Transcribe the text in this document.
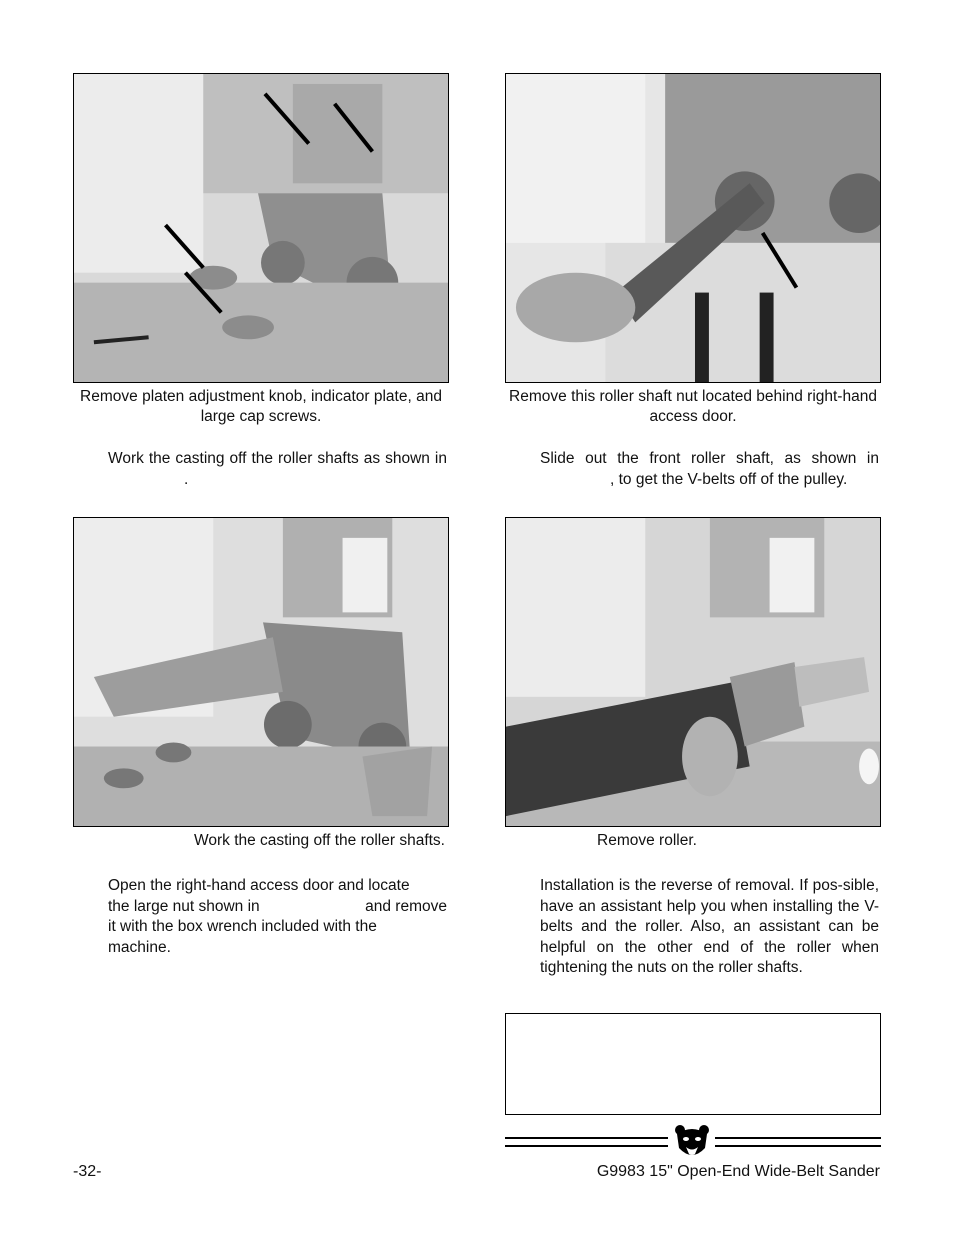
Remove platen adjustment knob, indicator plate, and large cap screws.
Remove this roller shaft nut located behind right-hand access door.
Work the casting off the roller shafts as shown in .
Slide out the front roller shaft, as shown in , to get the V-belts off of the pulley.
Work the casting off the roller shafts.	Remove roller.
Open the right-hand access door and locate
the large nut shown in	and remove
it with the box wrench included with the
machine.
Installation is the reverse of removal. If pos-sible, have an assistant help you when installing the V-belts and the roller. Also, an assistant can be helpful on the other end of the roller when tightening the nuts on the roller shafts.
-32-	G9983 15" Open-End Wide-Belt Sander
